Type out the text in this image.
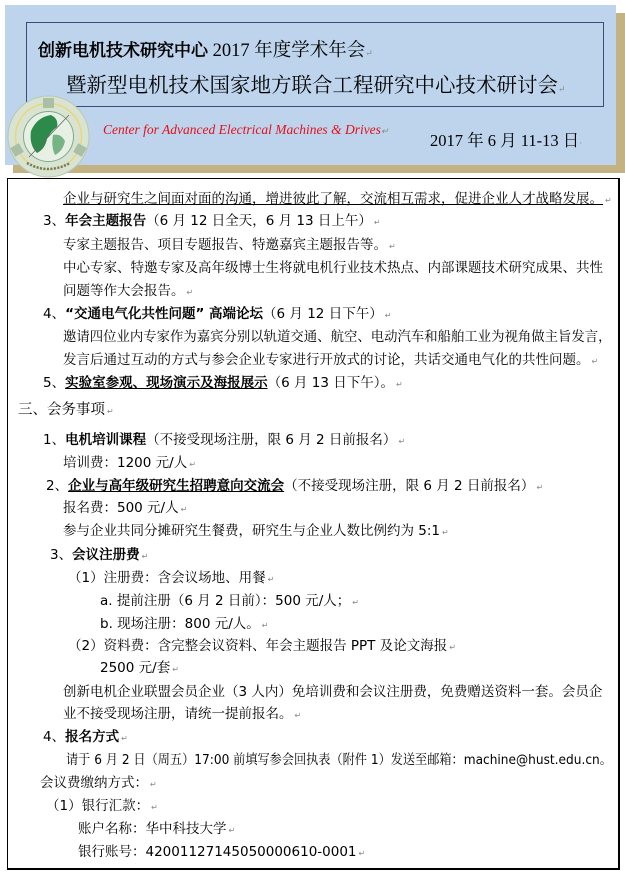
创新电机技术研究中心 2017 年度学术年会↵
暨新型电机技术国家地方联合工程研究中心技术研讨会↵
Center for Advanced Electrical Machines & Drives↵	2017 年 6 月 11-13 日·
企业与研究生之间面对面的沟通，增进彼此了解，交流相互需求，促进企业人才战略发展。 ↵
3、年会主题报告（6 月 12 日全天，6 月 13 日上午） ↵
专家主题报告、项目专题报告、特邀嘉宾主题报告等。 ↵
中心专家、特邀专家及高年级博士生将就电机行业技术热点、内部课题技术研究成果、共性
问题等作大会报告。 ↵
4、“交通电气化共性问题” 高端论坛（6 月 12 日下午） ↵
邀请四位业内专家作为嘉宾分别以轨道交通、航空、电动汽车和船舶工业为视角做主旨发言，
发言后通过互动的方式与参会企业专家进行开放式的讨论，共话交通电气化的共性问题。 ↵
5、实验室参观、现场演示及海报展示（6 月 13 日下午）。 ↵
三、会务事项 ↵
1、电机培训课程（不接受现场注册，限 6 月 2 日前报名） ↵
培训费：1200 元/人 ↵
2、企业与高年级研究生招聘意向交流会（不接受现场注册，限 6 月 2 日前报名） ↵
报名费：500 元/人 ↵
参与企业共同分摊研究生餐费，研究生与企业人数比例约为 5:1 ↵
3、会议注册费 ↵
（1）注册费：含会议场地、用餐 ↵
a. 提前注册（6 月 2 日前）：500 元/人； ↵
b. 现场注册：800 元/人。 ↵
（2）资料费：含完整会议资料、年会主题报告 PPT 及论文海报 ↵
2500 元/套 ↵
创新电机企业联盟会员企业（3 人内）免培训费和会议注册费，免费赠送资料一套。会员企
业不接受现场注册，请统一提前报名。 ↵
4、报名方式 ↵
请于 6 月 2 日（周五）17:00 前填写参会回执表（附件 1）发送至邮箱：machine@hust.edu.cn。
会议费缴纳方式： ↵
（1）银行汇款： ↵
账户名称：华中科技大学 ↵
银行账号：42001127145050000610-0001 ↵
